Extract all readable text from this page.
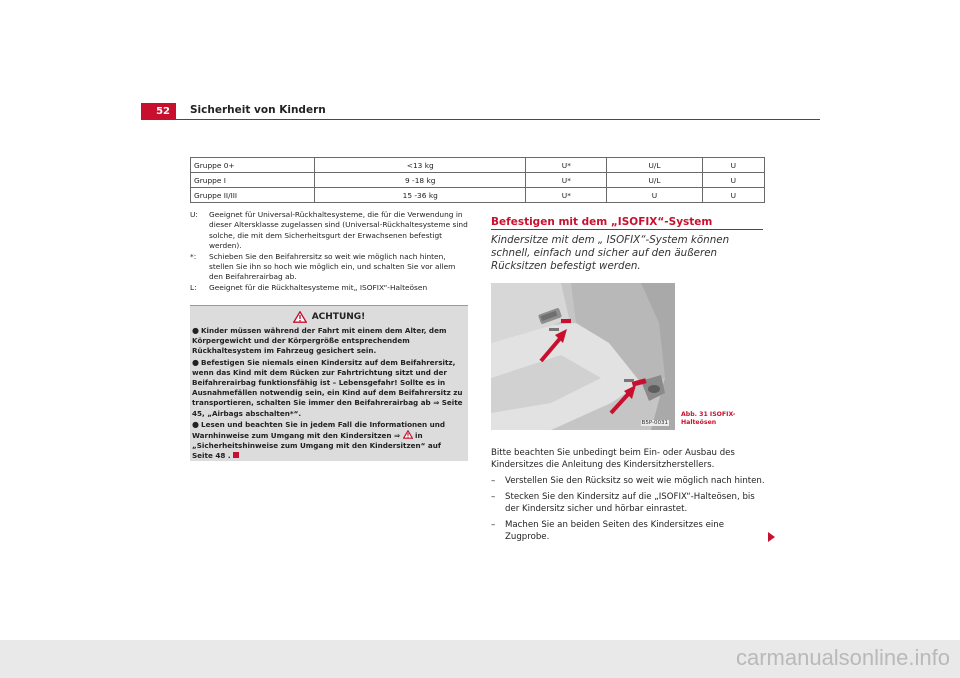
52	Sicherheit von Kindern
Gruppe 0+	<13 kg	U*	U/L	U
Gruppe I	9 -18 kg	U*	U/L	U
Gruppe II/III	15 -36 kg	U*	U	U
U:	Geeignet für Universal-Rückhaltesysteme, die für die Verwendung in dieser Altersklasse zugelassen sind (Universal-Rückhaltesysteme sind solche, die mit dem Sicherheitsgurt der Erwachsenen befestigt werden).
*:	Schieben Sie den Beifahrersitz so weit wie möglich nach hinten, stellen Sie ihn so hoch wie möglich ein, und schalten Sie vor allem den Beifahrerairbag ab.
L:	Geeignet für die Rückhaltesysteme mit„ ISOFIX“-Halteösen
ACHTUNG!

● Kinder müssen während der Fahrt mit einem dem Alter, dem Körpergewicht und der Körpergröße entsprechendem Rückhaltesystem im Fahrzeug gesichert sein.

● Befestigen Sie niemals einen Kindersitz auf dem Beifahrersitz, wenn das Kind mit dem Rücken zur Fahrtrichtung sitzt und der Beifahrerairbag funktionsfähig ist – Lebensgefahr! Sollte es in Ausnahmefällen notwendig sein, ein Kind auf dem Beifahrersitz zu transportieren, schalten Sie immer den Beifahrerairbag ab ⇒ Seite 45, „Airbags abschalten*“.

● Lesen und beachten Sie in jedem Fall die Informationen und Warnhinweise zum Umgang mit den Kindersitzen ⇒ in „Sicherheitshinweise zum Umgang mit den Kindersitzen“ auf Seite 48 .

Befestigen mit dem „ISOFIX“-System
Kindersitze mit dem „ ISOFIX“-System können schnell, einfach und sicher auf den äußeren Rücksitzen befestigt werden.
B5P-0031
Abb. 31 ISOFIX-Halteösen

Bitte beachten Sie unbedingt beim Ein- oder Ausbau des Kindersitzes die Anleitung des Kindersitzherstellers.

–	Verstellen Sie den Rücksitz so weit wie möglich nach hinten.
–	Stecken Sie den Kindersitz auf die „ISOFIX“-Halteösen, bis der Kindersitz sicher und hörbar einrastet.
–	Machen Sie an beiden Seiten des Kindersitzes eine Zugprobe.
carmanualsonline.info
